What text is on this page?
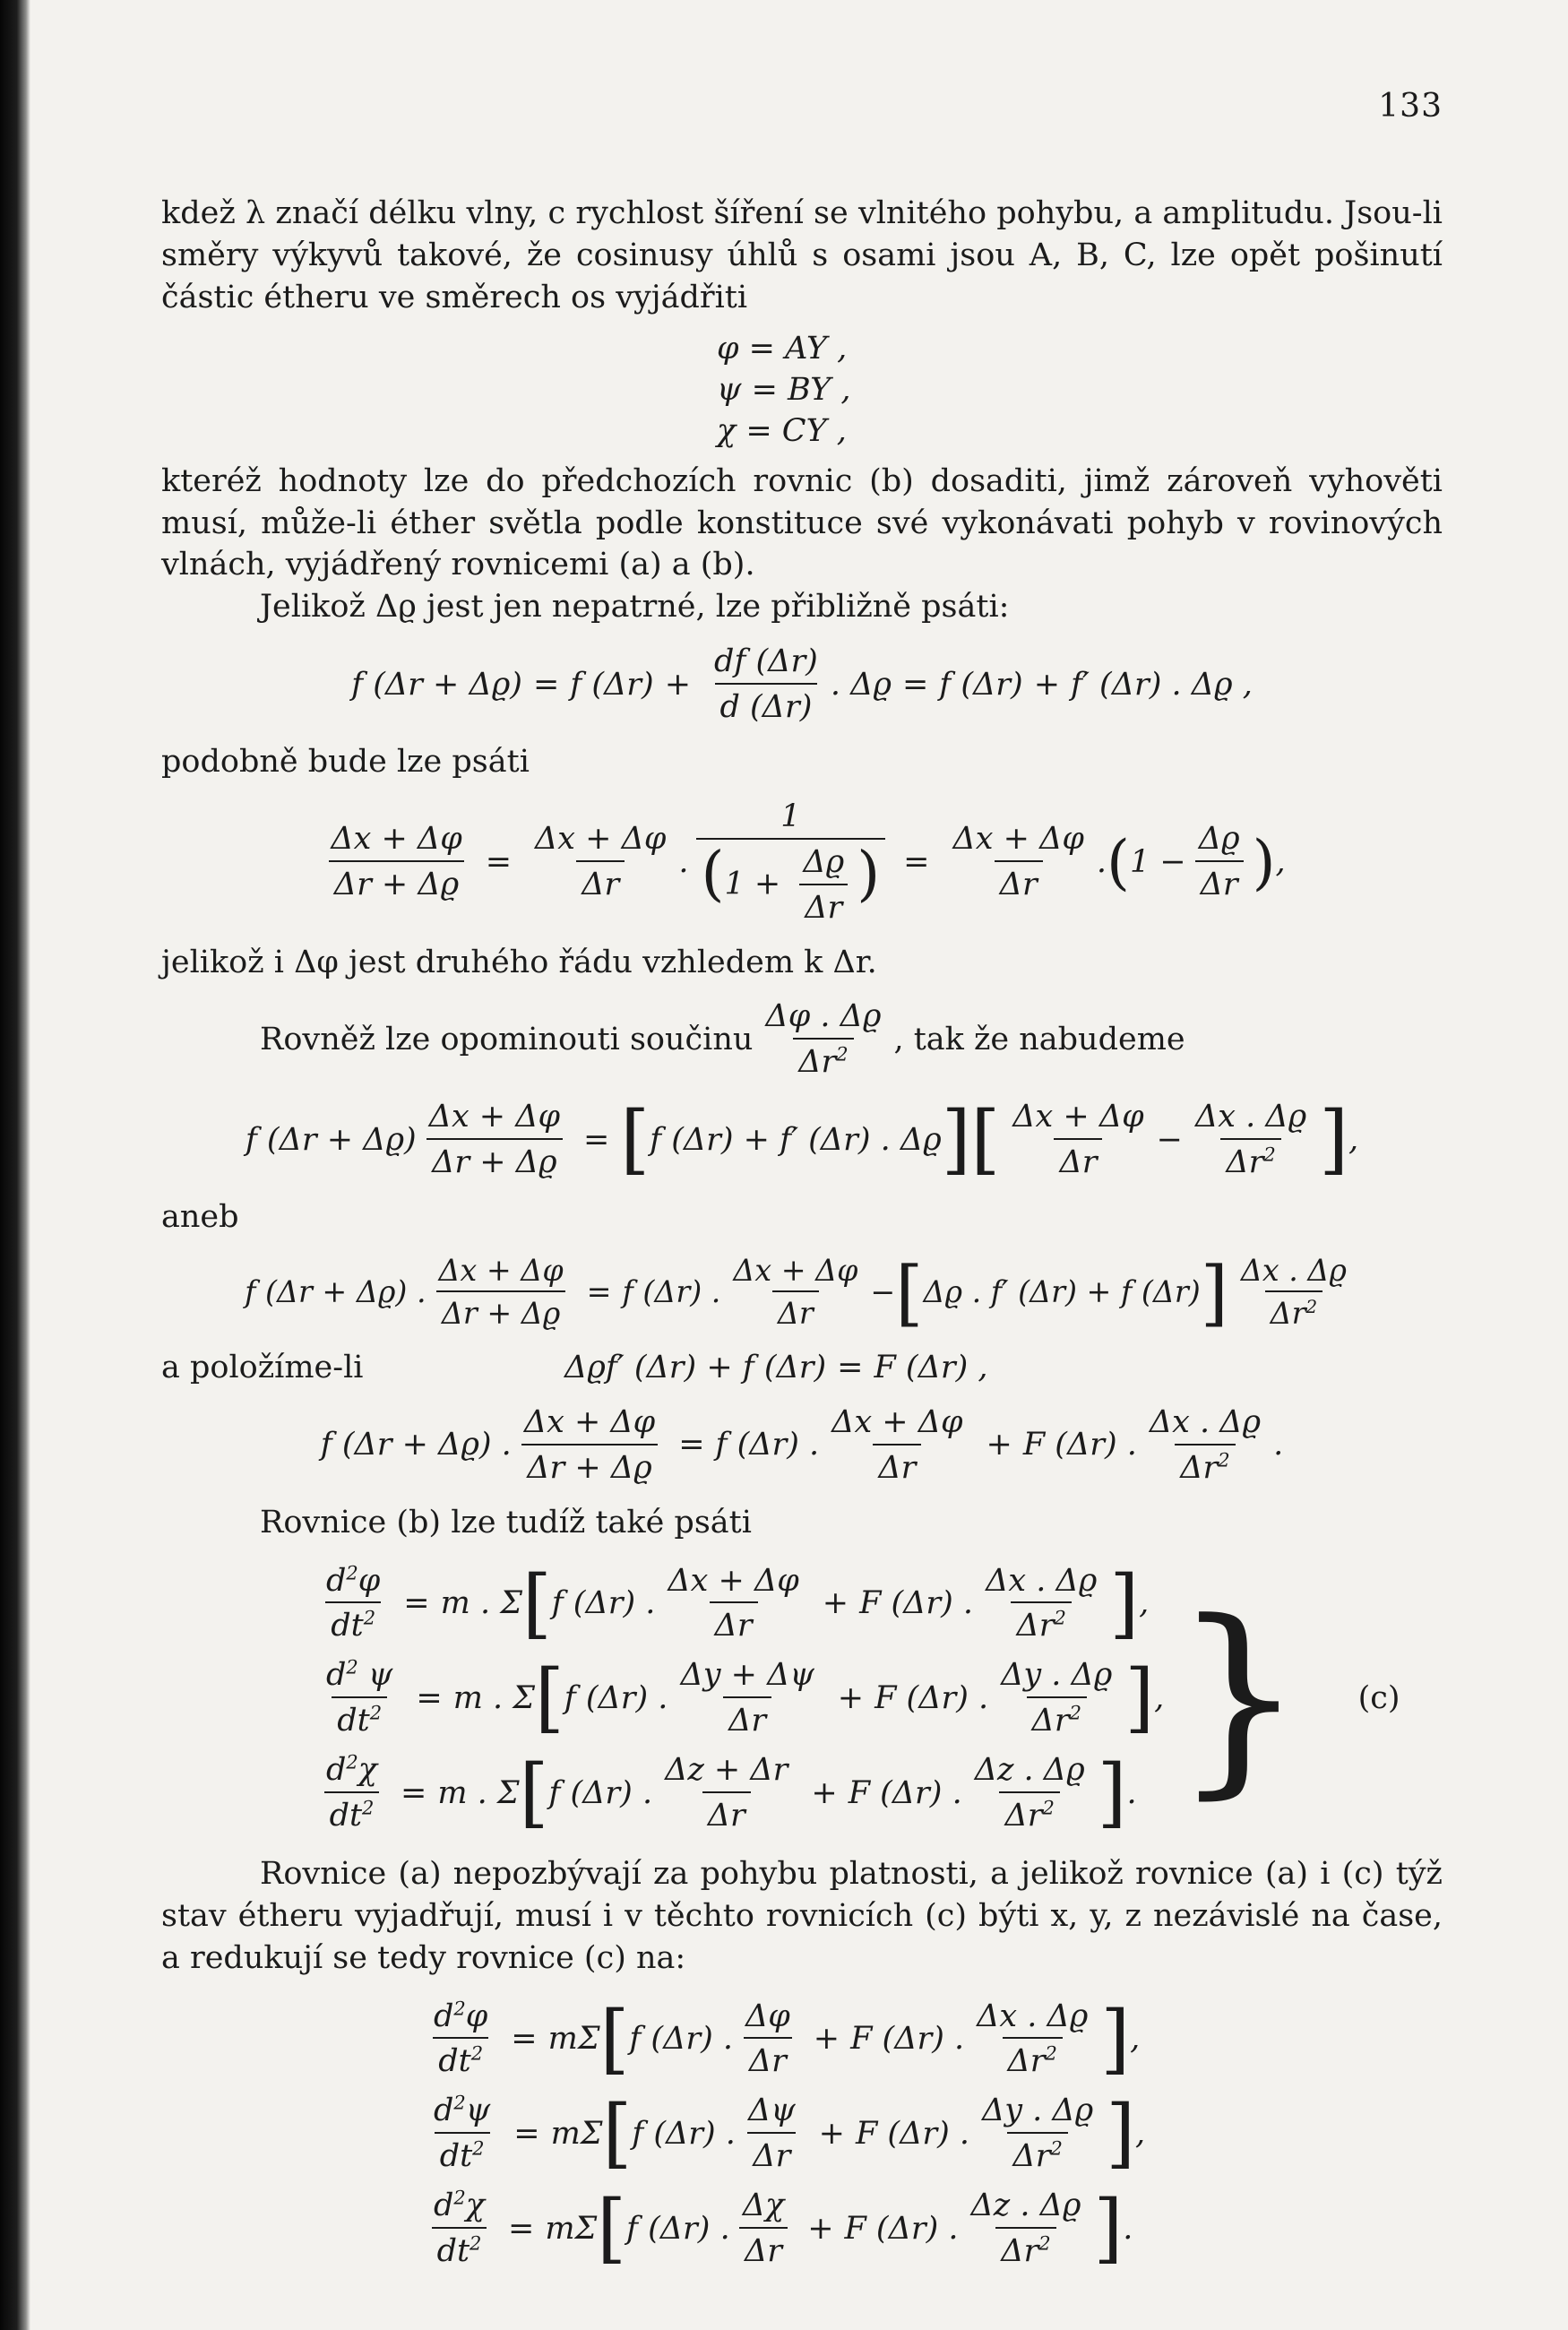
133

kdež λ značí délku vlny, c rychlost šíření se vlnitého pohybu, a amplitudu. Jsou-li směry výkyvů takové, že cosinusy úhlů s osami jsou A, B, C, lze opět pošinutí částic étheru ve směrech os vyjádřiti

φ = AY ,
ψ = BY ,
χ = CY ,

kteréž hodnoty lze do předchozích rovnic (b) dosaditi, jimž zároveň vyhověti musí, může-li éther světla podle konstituce své vykonávati pohyb v rovinových vlnách, vyjádřený rovnicemi (a) a (b).

Jelikož Δϱ jest jen nepatrné, lze přibližně psáti:

f (Δr + Δϱ) = f $(\Delta r) + \frac{df (\Delta r)}{d (\Delta r)}$ . Δϱ = f (Δr) + f′ (Δr) . Δϱ ,

podobně bude lze psáti

$\frac{\Delta x + \Delta\varphi}{\Delta r + \Delta ϱ} = \frac{\Delta x + \Delta\varphi}{\Delta r}$ . $\frac{1}{(1 + \frac{\Delta ϱ}{\Delta r} )} = \frac{\Delta x + \Delta\varphi}{\Delta r}$ . ( $1 - \frac{\Delta ϱ}{\Delta r}$ ) ,

jelikož i Δφ jest druhého řádu vzhledem k Δr.

Rovněž lze opominouti součinu $\frac{\Delta\varphi . \Delta ϱ}{\Delta r^2}$ , tak že nabudeme
f $(\Delta r + \Delta ϱ) \frac{\Delta x + \Delta\varphi}{\Delta r + \Delta ϱ}$ = [ f (Δr) + f′ (Δr) . Δϱ ] [ $\frac{\Delta x + \Delta\varphi}{\Delta r} - \frac{\Delta x . \Delta ϱ}{\Delta r^2}$ ] ,

aneb

f (Δr + Δϱ) . $\frac{\Delta x + \Delta\varphi}{\Delta r + \Delta ϱ} = f$ (Δr) . $\frac{\Delta x + \Delta\varphi}{\Delta r}$ − [ Δϱ . f′ (Δr) + f (Δr) ] $\frac{\Delta x . \Delta ϱ}{\Delta r^2}$
a položíme-li	Δϱf′ (Δr) + f (Δr) = F (Δr) ,
f (Δr + Δϱ) . $\frac{\Delta x + \Delta\varphi}{\Delta r + \Delta ϱ} = f$ (Δr) . $\frac{\Delta x + \Delta\varphi}{\Delta r} + F$ (Δr) . $\frac{\Delta x . \Delta ϱ}{\Delta r^2}$ .

Rovnice (b) lze tudíž také psáti

$\frac{d^2\varphi}{dt^2} = m$ . Σ [ f (Δr) . $\frac{\Delta x + \Delta\varphi}{\Delta r} + F$ (Δr) . $\frac{\Delta x . \Delta ϱ}{\Delta r^2}$ ] ,
$\frac{d^2 \psi}{dt^2} = m$ . Σ [ f (Δr) . $\frac{\Delta y + \Delta\psi}{\Delta r} + F$ (Δr) . $\frac{\Delta y . \Delta ϱ}{\Delta r^2}$ ] ,
$\frac{d^2\chi}{dt^2} = m$ . Σ [ f (Δr) . $\frac{\Delta z + \Delta r}{\Delta r} + F$ (Δr) . $\frac{\Delta z . \Delta ϱ}{\Delta r^2}$ ] . } (c)

Rovnice (a) nepozbývají za pohybu platnosti, a jelikož rovnice (a) i (c) týž stav étheru vyjadřují, musí i v těchto rovnicích (c) býti x, y, z nezávislé na čase, a redukují se tedy rovnice (c) na:

$\frac{d^2\varphi}{dt^2} = m\Sigma$ [ f (Δr) . $\frac{\Delta\varphi}{\Delta r} + F$ (Δr) . $\frac{\Delta x . \Delta ϱ}{\Delta r^2}$ ] ,
$\frac{d^2\psi}{dt^2} = m\Sigma$ [ f (Δr) . $\frac{\Delta\psi}{\Delta r} + F$ (Δr) . $\frac{\Delta y . \Delta ϱ}{\Delta r^2}$ ] ,
$\frac{d^2\chi}{dt^2} = m\Sigma$ [ f (Δr) . $\frac{\Delta\chi}{\Delta r} + F$ (Δr) . $\frac{\Delta z . \Delta ϱ}{\Delta r^2}$ ] .
